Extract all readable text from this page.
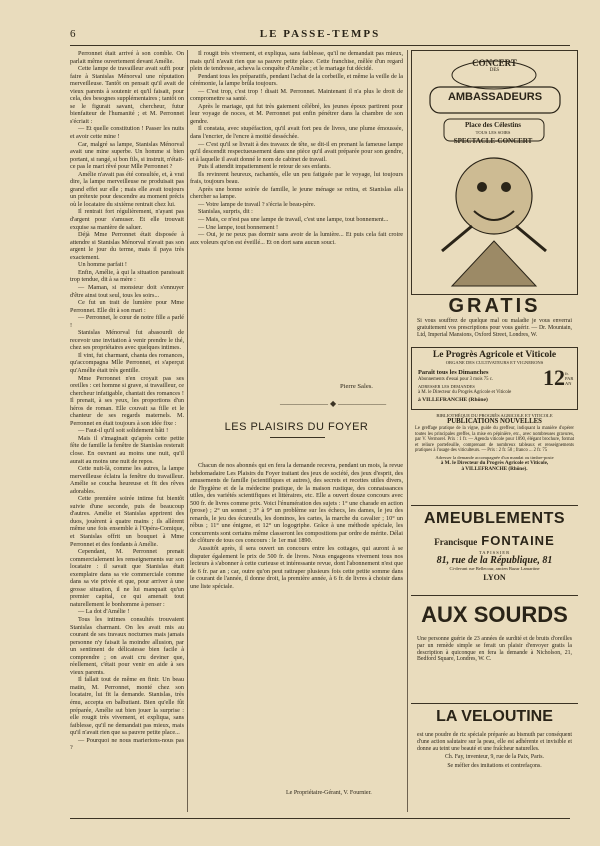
6	LE PASSE-TEMPS

Perronnet était arrivé à son comble. On parlait même ouvertement devant Amélie.

Cette lampe de travailleur avait suffi pour faire à Stanislas Ménorval une réputation merveilleuse. Tantôt on pensait qu'il avait de vieux parents à soutenir et qu'il faisait, pour cela, des besognes supplémentaires ; tantôt on se le figurait savant, chercheur, futur bienfaiteur de l'humanité ; et M. Perronnet s'écriait :

— Et quelle constitution ! Passer les nuits et avoir cette mine !

Car, malgré sa lampe, Stanislas Ménorval avait une mine superbe. Un homme si bien portant, si rangé, si bon fils, si instruit, n'était-ce pas le mari rêvé pour Mlle Perronnet ?

Amélie n'avait pas été consultée, et, à vrai dire, la lampe merveilleuse ne produisait pas grand effet sur elle ; mais elle avait toujours un prétexte pour descendre au moment précis où le locataire du sixième rentrait chez lui.

Il rentrait fort régulièrement, n'ayant pas d'argent pour s'amuser. Et elle trouvait exquise sa manière de saluer.

Déjà Mme Perronnet était disposée à attendre si Stanislas Ménorval n'avait pas son argent le jour du terme, mais il paya très exactement.

Un homme parfait !

Enfin, Amélie, à qui la situation paraissait trop tendue, dit à sa mère :

— Maman, si monsieur doit s'ennuyer d'être ainsi tout seul, tous les soirs...

Ce fut un trait de lumière pour Mme Perronnet. Elle dit à son mari :

— Perronnet, le cœur de notre fille a parlé !

Stanislas Ménorval fut abasourdi de recevoir une invitation à venir prendre le thé, chez ses propriétaires avec quelques intimes.

Il vint, fut charmant, chanta des romances, qu'accompagna Mlle Perronnet, et s'aperçut qu'Amélie était très gentille.

Mme Perronnet n'en croyait pas ses oreilles : cet homme si grave, si travailleur, ce chercheur infatigable, chantait des romances ! Il prenait, à ses yeux, les proportions d'un héros de roman. Elle couvait sa fille et le chanteur de ses regards maternels. M. Perronnet en était toujours à son idée fixe :

— Faut-il qu'il soit solidement bâti !

Mais il s'imaginait qu'après cette petite fête de famille la fenêtre de Stanislas resterait close. En ouvrant au moins une nuit, qu'il aurait au moins une nuit de repos.

Cette nuit-là, comme les autres, la lampe merveilleuse éclaira la fenêtre du travailleur. Amélie se coucha heureuse et fit des rêves adorables.

Cette première soirée intime fut bientôt suivie d'une seconde, puis de beaucoup d'autres. Amélie et Stanislas apprirent des duos, jouèrent à quatre mains ; ils allèrent même une fois ensemble à l'Opéra-Comique, et Stanislas offrit un bouquet à Mme Perronnet et des fondants à Amélie.

Cependant, M. Perronnet prenait commercialement les renseignements sur son locataire : il savait que Stanislas était exemplaire dans sa vie commerciale comme dans sa vie privée et que, pour arriver à une grosse situation, il ne lui manquait qu'un premier capital, ce qui amenait tout naturellement le bonhomme à penser :

— La dot d'Amélie !

Tous les intimes consultés trouvaient Stanislas charmant. On les avait mis au courant de ses travaux nocturnes mais jamais personne n'y faisait la moindre allusion, par un sentiment de délicatesse bien facile à comprendre ; on avait cru deviner que, réellement, c'était pour venir en aide à ses vieux parents.

Il fallait tout de même en finir. Un beau matin, M. Perronnet, monté chez son locataire, lui fit la demande. Stanislas, très ému, accepta en balbutiant. Bien qu'elle fût préparée, Amélie sut bien jouer la surprise : elle rougit très vivement, et expliqua, sans faiblesse, qu'il ne demandait pas mieux, mais qu'il n'avait rien que sa pauvre petite place...

— Pourquoi ne nous marierions-nous pas ?

Il rougit très vivement, et expliqua, sans faiblesse, qu'il ne demandait pas mieux, mais qu'il n'avait rien que sa pauvre petite place. Cette franchise, mêlée d'un regard plein de tendresse, acheva la conquête d'Amélie ; et le mariage fut décidé.

Pendant tous les préparatifs, pendant l'achat de la corbeille, et même la veille de la cérémonie, la lampe brûla toujours.

— C'est trop, c'est trop ! disait M. Perronnet. Maintenant il n'a plus le droit de compromettre sa santé.

Après le mariage, qui fut très gaiement célébré, les jeunes époux partirent pour leur voyage de noces, et M. Perronnet put enfin pénétrer dans la chambre de son gendre.

Il constata, avec stupéfaction, qu'il avait fort peu de livres, une plume émoussée, dans l'encrier, de l'encre à moitié desséchée.

— C'est qu'il se livrait à des travaux de tête, se dit-il en prenant la fameuse lampe qu'il descendit respectueusement dans une pièce qu'il avait préparée pour son gendre, et à laquelle il avait donné le nom de cabinet de travail.

Puis il attendit impatiemment le retour de ses enfants.

Ils revinrent heureux, rachantés, elle un peu fatiguée par le voyage, lui toujours frais, toujours beau.

Après une bonne soirée de famille, le jeune ménage se retira, et Stanislas alla chercher sa lampe.

— Votre lampe de travail ? s'écria le beau-père.

Stanislas, surpris, dit :

— Mais, ce n'est pas une lampe de travail, c'est une lampe, tout bonnement...

— Une lampe, tout bonnement !

— Oui, je ne peux pas dormir sans avoir de la lumière... Et puis cela fait croire aux voleurs qu'on est éveillé... Et on dort sans aucun souci.

Pierre Sales.
—————— ◆ ——————
LES PLAISIRS DU FOYER

Chacun de nos abonnés qui en fera la demande recevra, pendant un mois, la revue hebdomadaire Les Plaisirs du Foyer traitant des jeux de société, des jeux d'esprit, des amusements de famille (scientifiques et autres), des secrets et recettes utiles divers, de l'hygiène et de la médecine pratique, de la maison rustique, des connaissances utiles, des variétés scientifiques et littéraires, etc. Elle a ouvert douze concours avec 500 fr. de livres comme prix. Voici l'énumération des sujets : 1° une charade en action (prose) ; 2° un sonnet ; 3° à 9° un problème sur les échecs, les dames, le jeu des renards, le jeu des écureuils, les dominos, les cartes, la marche du cavalier ; 10° un rébus ; 11° une énigme, et 12° un logogriphe. Grâce à une méthode spéciale, les concurrents sont certains même classeront les compositions par ordre de mérite. Délai de clôture de tous ces concours : le 1er mai 1890.

Aussitôt après, il sera ouvert un concours entre les cottages, qui auront à se disputer également le prix de 500 fr. de livres. Nous engageons vivement tous nos lecteurs à s'abonner à cette curieuse et intéressante revue, dont l'abonnement n'est que de 6 fr. par an ; car, outre qu'on peut rattraper plusieurs fois cette petite somme dans le courant de l'année, il donne droit, la première année, à 6 fr. de livres à choisir dans une liste spéciale.

Le Propriétaire-Gérant, V. Fournier.
CONCERT
DES
AMBASSADEURS
Place des Célestins
TOUS LES SOIRS
SPECTACLE-CONCERT
GRATIS
Si vous souffrez de quelque mal ou maladie je vous enverrai gratuitement vos prescriptions pour vous guérir. — Dr. Mountain, Ltd, Imperial Mansions, Oxford Street, Londres, W.
Le Progrès Agricole et Viticole
ORGANE DES CULTIVATEURS ET VIGNERONS
Paraît tous les Dimanches
Abonnements d'essai pour 3 mois 75 c.
ADRESSER LES DEMANDES
à M. le Directeur du Progrès Agricole et Viticole
à VILLEFRANCHE (Rhône)
12 fr. PAR AN
BIBLIOTHÈQUE DU PROGRÈS AGRICOLE ET VITICOLE
PUBLICATIONS NOUVELLES
Le greffage pratique de la vigne, guide du greffeur, indiquant la manière d'opérer toutes les principales greffes, la mise en pépinière, etc., avec nombreuses gravures, par V. Vermorel. Prix : 1 fr. — Agenda viticole pour 1890, élégant brochure, format et reliure portefeuille, comprenant de nombreux tableaux et renseignements pratiques à l'usage des viticulteurs. — Prix : 2 fr. 50 ; franco ... 2 fr. 75
Adresser la demande accompagnée d'un mandat ou timbre-poste
à M. le Directeur du Progrès Agricole et Viticole,
à VILLEFRANCHE (Rhône).
AMEUBLEMENTS
Francisque FONTAINE
TAPISSIER
81, rue de la République, 81
Ci-devant rue Bellecour, ancien Bazar Lamartine
LYON
AUX SOURDS
Une personne guérie de 23 années de surdité et de bruits d'oreilles par un remède simple se ferait un plaisir d'envoyer gratis la description à quiconque en fera la demande à Nicholson, 21, Bedford Square, Londres, W. C.
LA VELOUTINE
est une poudre de riz spéciale préparée au bismuth par conséquent d'une action salutaire sur la peau, elle est adhérente et invisible et donne au teint une beauté et une fraîcheur naturelles.
Ch. Fay, inventeur, 9, rue de la Paix, Paris.
Se méfier des imitations et contrefaçons.
